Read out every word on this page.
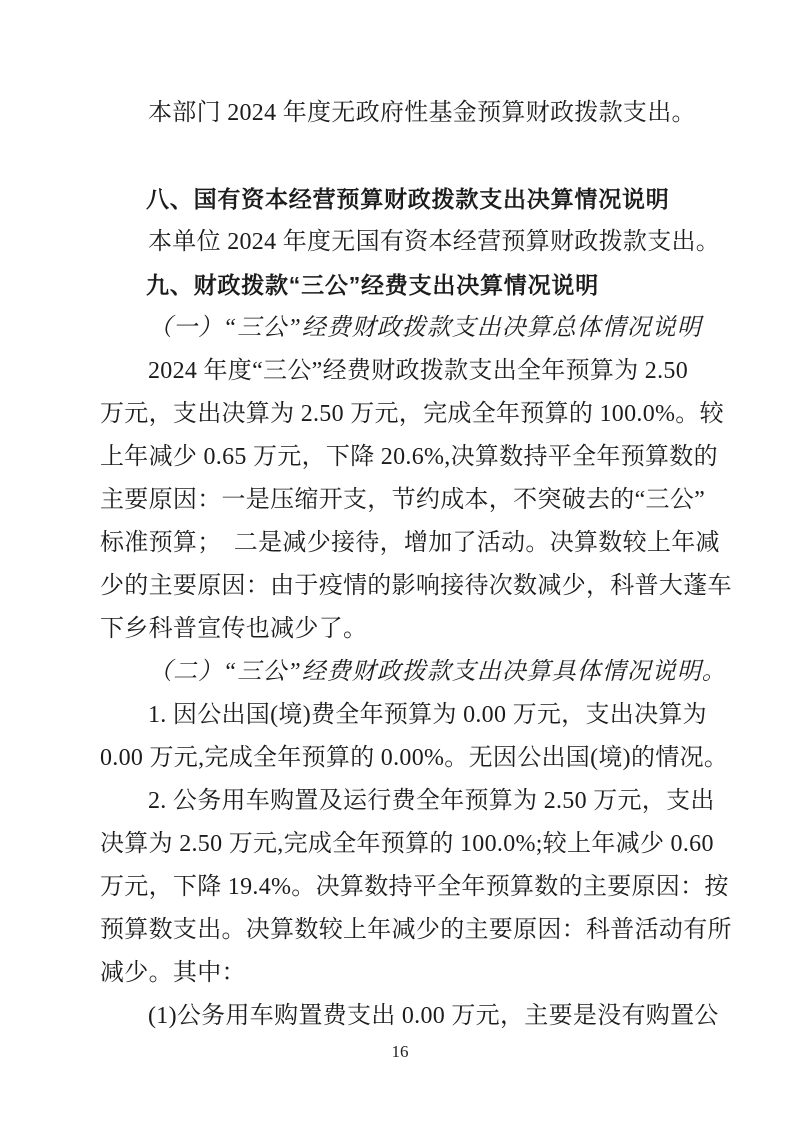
本部门 2024 年度无政府性基金预算财政拨款支出。
八、国有资本经营预算财政拨款支出决算情况说明
本单位 2024 年度无国有资本经营预算财政拨款支出。
九、财政拨款“三公”经费支出决算情况说明
（一）“三公”经费财政拨款支出决算总体情况说明
2024 年度“三公”经费财政拨款支出全年预算为 2.50
万元，支出决算为 2.50 万元，完成全年预算的 100.0%。较
上年减少 0.65 万元，下降 20.6%,决算数持平全年预算数的
主要原因：一是压缩开支，节约成本，不突破去的“三公”
标准预算；　二是减少接待，增加了活动。决算数较上年减
少的主要原因：由于疫情的影响接待次数减少，科普大蓬车
下乡科普宣传也减少了。
（二）“三公”经费财政拨款支出决算具体情况说明。
1. 因公出国(境)费全年预算为 0.00 万元，支出决算为
0.00 万元,完成全年预算的 0.00%。无因公出国(境)的情况。
2. 公务用车购置及运行费全年预算为 2.50 万元，支出
决算为 2.50 万元,完成全年预算的 100.0%;较上年减少 0.60
万元，下降 19.4%。决算数持平全年预算数的主要原因：按
预算数支出。决算数较上年减少的主要原因：科普活动有所
减少。其中：
(1)公务用车购置费支出 0.00 万元，主要是没有购置公
16
